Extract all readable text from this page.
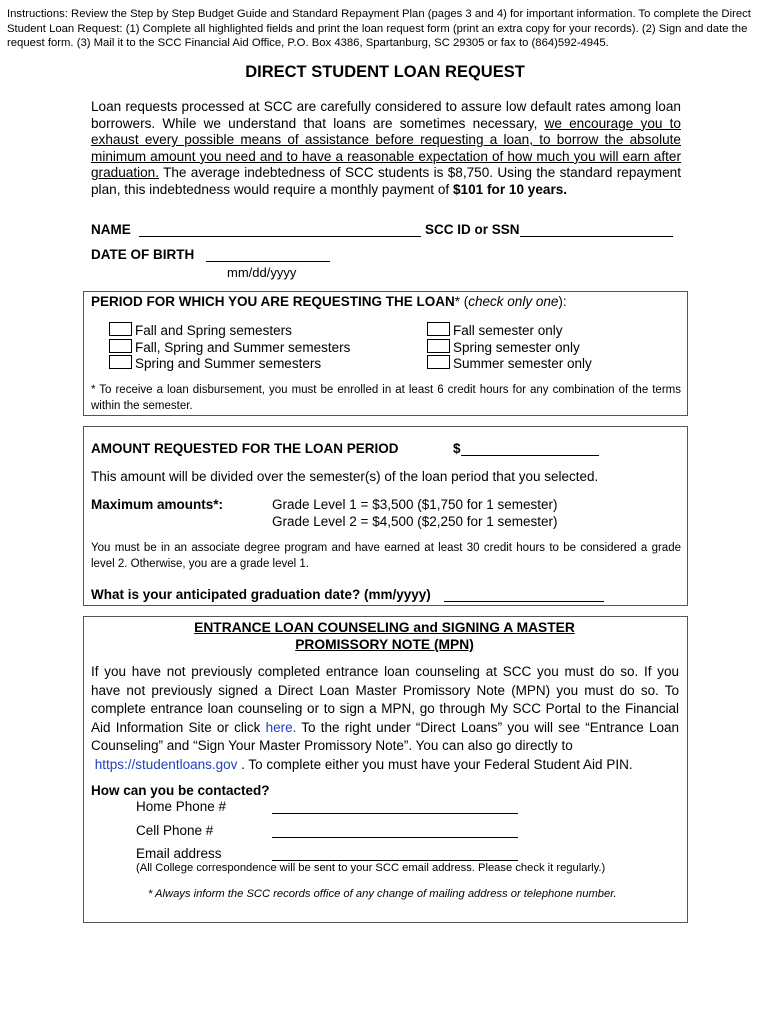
Instructions: Review the Step by Step Budget Guide and Standard Repayment Plan (pages 3 and 4) for important information. To complete the Direct Student Loan Request: (1) Complete all highlighted fields and print the loan request form (print an extra copy for your records). (2) Sign and date the request form. (3) Mail it to the SCC Financial Aid Office, P.O. Box 4386, Spartanburg, SC 29305 or fax to (864)592-4945.
DIRECT STUDENT LOAN REQUEST
Loan requests processed at SCC are carefully considered to assure low default rates among loan borrowers. While we understand that loans are sometimes necessary, we encourage you to exhaust every possible means of assistance before requesting a loan, to borrow the absolute minimum amount you need and to have a reasonable expectation of how much you will earn after graduation. The average indebtedness of SCC students is $8,750. Using the standard repayment plan, this indebtedness would require a monthly payment of $101 for 10 years.
NAME	SCC ID or SSN
DATE OF BIRTH
mm/dd/yyyy
PERIOD FOR WHICH YOU ARE REQUESTING THE LOAN* (check only one):
Fall and Spring semesters
Fall, Spring and Summer semesters
Spring and Summer semesters
Fall semester only
Spring semester only
Summer semester only
* To receive a loan disbursement, you must be enrolled in at least 6 credit hours for any combination of the terms within the semester.
AMOUNT REQUESTED FOR THE LOAN PERIOD	$
This amount will be divided over the semester(s) of the loan period that you selected.
Maximum amounts*:	Grade Level 1 = $3,500 ($1,750 for 1 semester)
Grade Level 2 = $4,500 ($2,250 for 1 semester)
You must be in an associate degree program and have earned at least 30 credit hours to be considered a grade level 2. Otherwise, you are a grade level 1.
What is your anticipated graduation date? (mm/yyyy)
ENTRANCE LOAN COUNSELING and SIGNING A MASTER
PROMISSORY NOTE (MPN)
If you have not previously completed entrance loan counseling at SCC you must do so. If you have not previously signed a Direct Loan Master Promissory Note (MPN) you must do so. To complete entrance loan counseling or to sign a MPN, go through My SCC Portal to the Financial Aid Information Site or click here. To the right under “Direct Loans” you will see “Entrance Loan Counseling” and “Sign Your Master Promissory Note”. You can also go directly to
https://studentloans.gov . To complete either you must have your Federal Student Aid PIN.
How can you be contacted?
Home Phone #
Cell Phone #
Email address
(All College correspondence will be sent to your SCC email address. Please check it regularly.)
* Always inform the SCC records office of any change of mailing address or telephone number.
